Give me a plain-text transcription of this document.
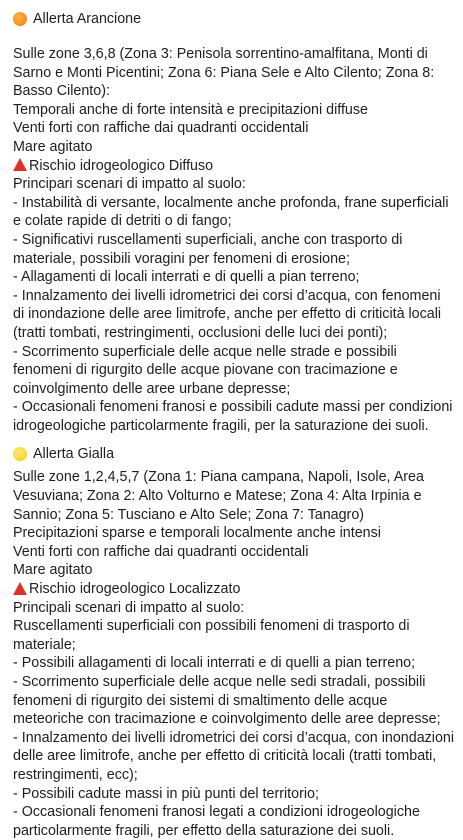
Allerta Arancione
Sulle zone 3,6,8 (Zona 3: Penisola sorrentino-amalfitana, Monti di Sarno e Monti Picentini; Zona 6: Piana Sele e Alto Cilento; Zona 8: Basso Cilento):
Temporali anche di forte intensità e precipitazioni diffuse
Venti forti con raffiche dai quadranti occidentali
Mare agitato
Rischio idrogeologico Diffuso
Principari scenari di impatto al suolo:
- Instabilità di versante, localmente anche profonda, frane superficiali e colate rapide di detriti o di fango;
- Significativi ruscellamenti superficiali, anche con trasporto di materiale, possibili voragini per fenomeni di erosione;
- Allagamenti di locali interrati e di quelli a pian terreno;
- Innalzamento dei livelli idrometrici dei corsi d’acqua, con fenomeni di inondazione delle aree limitrofe, anche per effetto di criticità locali (tratti tombati, restringimenti, occlusioni delle luci dei ponti);
- Scorrimento superficiale delle acque nelle strade e possibili fenomeni di rigurgito delle acque piovane con tracimazione e coinvolgimento delle aree urbane depresse;
- Occasionali fenomeni franosi e possibili cadute massi per condizioni idrogeologiche particolarmente fragili, per la saturazione dei suoli.
Allerta Gialla
Sulle zone 1,2,4,5,7 (Zona 1: Piana campana, Napoli, Isole, Area Vesuviana; Zona 2: Alto Volturno e Matese; Zona 4: Alta Irpinia e Sannio; Zona 5: Tusciano e Alto Sele; Zona 7: Tanagro)
Precipitazioni sparse e temporali localmente anche intensi
Venti forti con raffiche dai quadranti occidentali
Mare agitato
Rischio idrogeologico Localizzato
Principali scenari di impatto al suolo:
Ruscellamenti superficiali con possibili fenomeni di trasporto di materiale;
- Possibili allagamenti di locali interrati e di quelli a pian terreno;
- Scorrimento superficiale delle acque nelle sedi stradali, possibili fenomeni di rigurgito dei sistemi di smaltimento delle acque meteoriche con tracimazione e coinvolgimento delle aree depresse;
- Innalzamento dei livelli idrometrici dei corsi d’acqua, con inondazioni delle aree limitrofe, anche per effetto di criticità locali (tratti tombati, restringimenti, ecc);
- Possibili cadute massi in più punti del territorio;
- Occasionali fenomeni franosi legati a condizioni idrogeologiche particolarmente fragili, per effetto della saturazione dei suoli.
